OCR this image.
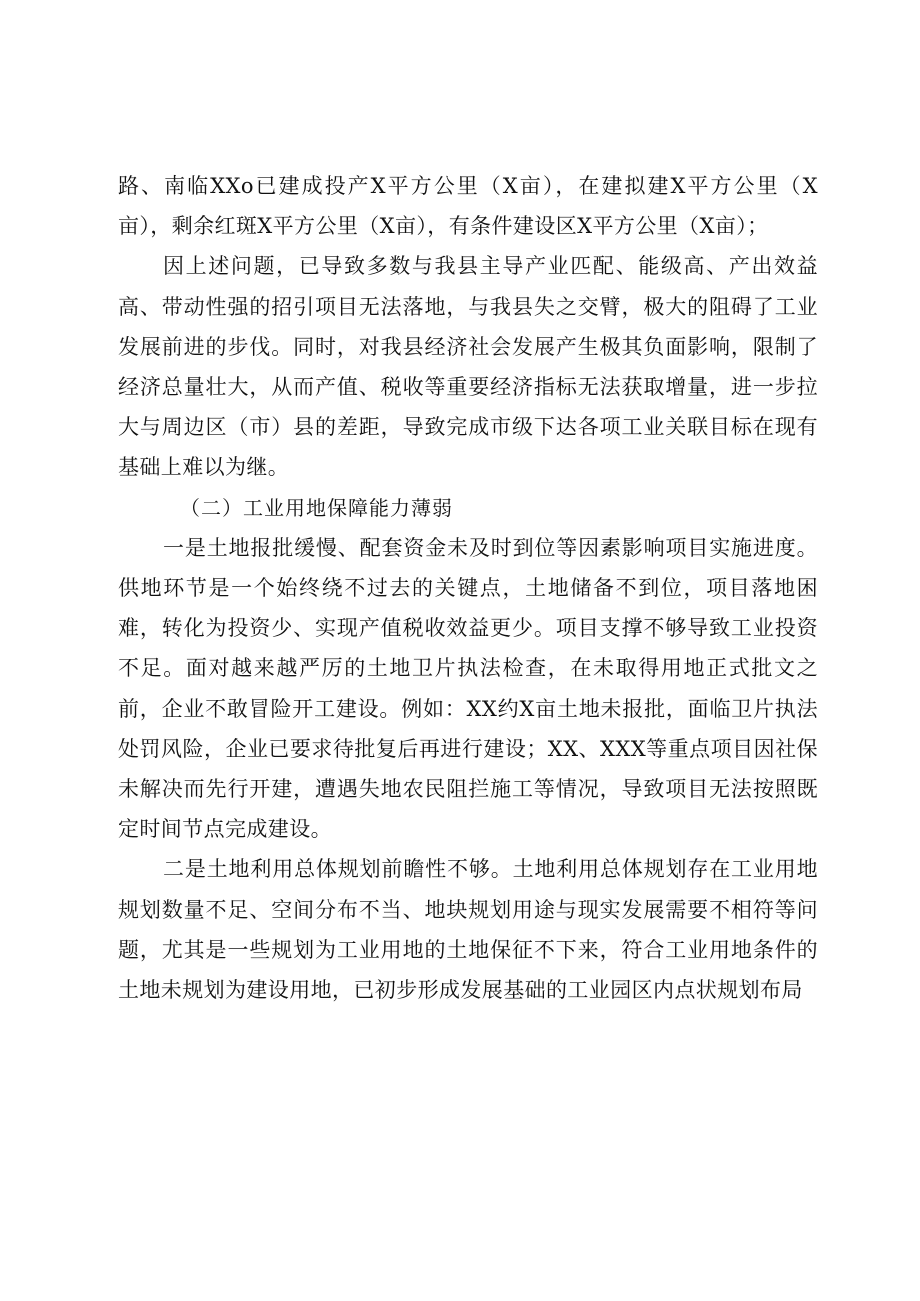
路、南临XXo已建成投产X平方公里（X亩），在建拟建X平方公里（X亩），剩余红斑X平方公里（X亩），有条件建设区X平方公里（X亩）；

因上述问题，已导致多数与我县主导产业匹配、能级高、产出效益高、带动性强的招引项目无法落地，与我县失之交臂，极大的阻碍了工业发展前进的步伐。同时，对我县经济社会发展产生极其负面影响，限制了经济总量壮大，从而产值、税收等重要经济指标无法获取增量，进一步拉大与周边区（市）县的差距，导致完成市级下达各项工业关联目标在现有基础上难以为继。

（二）工业用地保障能力薄弱

一是土地报批缓慢、配套资金未及时到位等因素影响项目实施进度。供地环节是一个始终绕不过去的关键点，土地储备不到位，项目落地困难，转化为投资少、实现产值税收效益更少。项目支撑不够导致工业投资不足。面对越来越严厉的土地卫片执法检查，在未取得用地正式批文之前，企业不敢冒险开工建设。例如：XX约X亩土地未报批，面临卫片执法处罚风险，企业已要求待批复后再进行建设；XX、XXX等重点项目因社保未解决而先行开建，遭遇失地农民阻拦施工等情况，导致项目无法按照既定时间节点完成建设。

二是土地利用总体规划前瞻性不够。土地利用总体规划存在工业用地规划数量不足、空间分布不当、地块规划用途与现实发展需要不相符等问题，尤其是一些规划为工业用地的土地保征不下来，符合工业用地条件的土地未规划为建设用地，已初步形成发展基础的工业园区内点状规划布局
